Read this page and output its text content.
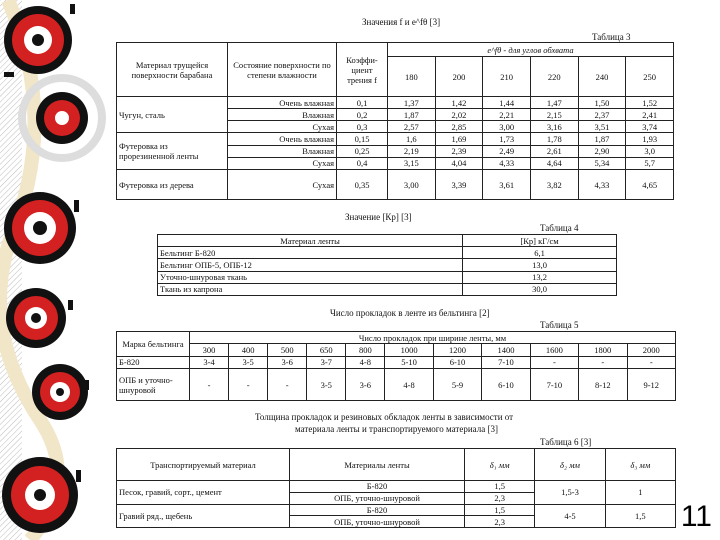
Значения f и e^fθ [3]
Таблица 3
Материал трущейся поверхности барабана	Состояние поверхности по степени влажности	Коэффи-циент трения f	e^fθ - для углов обхвата					
			180	200	210	220	240	250
Чугун, сталь	Очень влажная	0,1	1,37	1,42	1,44	1,47	1,50	1,52
	Влажная	0,2	1,87	2,02	2,21	2,15	2,37	2,41
	Сухая	0,3	2,57	2,85	3,00	3,16	3,51	3,74
Футеровка из прорезиненной ленты	Очень влажная	0,15	1,6	1,69	1,73	1,78	1,87	1,93
	Влажная	0,25	2,19	2,39	2,49	2,61	2,90	3,0
	Сухая	0,4	3,15	4,04	4,33	4,64	5,34	5,7
Футеровка из дерева	Сухая	0,35	3,00	3,39	3,61	3,82	4,33	4,65
Значение [Кр] [3]
Таблица 4
Материал ленты	[Кр] кГ/см
Бельтинг Б-820	6,1
Бельтинг ОПБ-5, ОПБ-12	13,0
Уточно-шнуровая ткань	13,2
Ткань из капрона	30,0
Число прокладок в ленте из бельтинга [2]
Таблица 5
Марка бельтинга	Число прокладок при ширине ленты, мм										
	300	400	500	650	800	1000	1200	1400	1600	1800	2000
Б-820	3-4	3-5	3-6	3-7	4-8	5-10	6-10	7-10	-	-	-
ОПБ и уточно-шнуровой	-	-	-	3-5	3-6	4-8	5-9	6-10	7-10	8-12	9-12
Толщина прокладок и резиновых обкладок ленты в зависимости от
материала ленты и транспортируемого материала [3]
Таблица 6 [3]
Транспортируемый материал	Материалы ленты	δ₁ мм	δ₂ мм	δ₃ мм
Песок, гравий, сорт., цемент	Б-820	1,5	1,5-3	1
	ОПБ, уточно-шнуровой	2,3		
Гравий ряд., щебень	Б-820	1,5	4-5	1,5
	ОПБ, уточно-шнуровой	2,3			11
